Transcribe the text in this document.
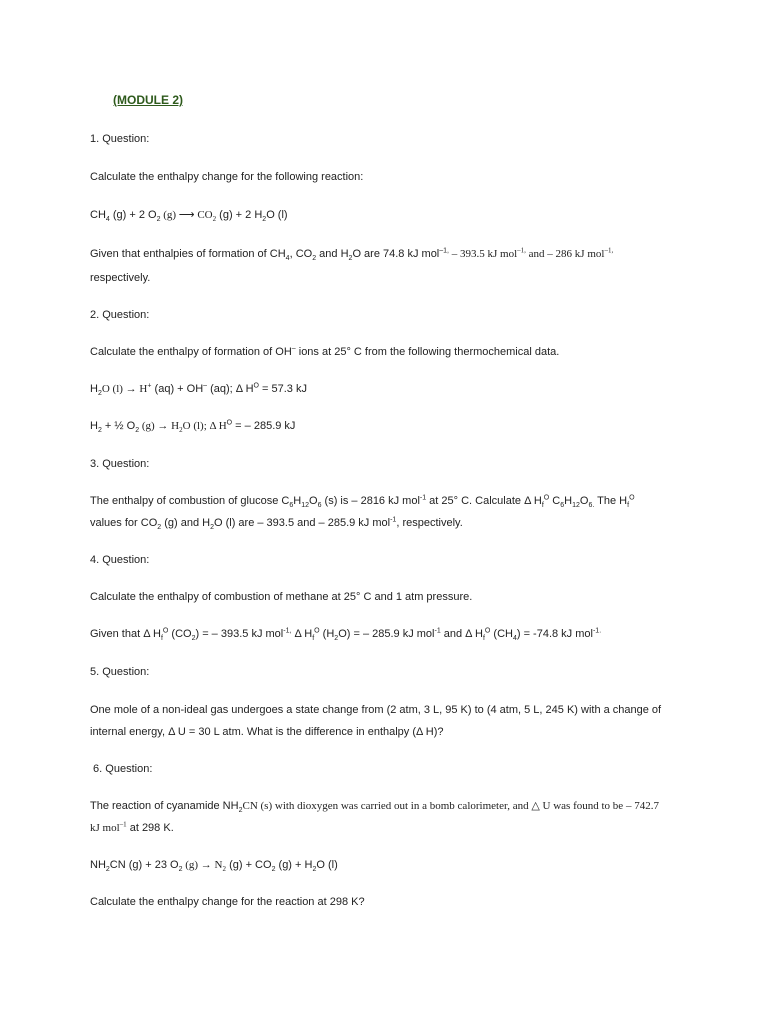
(MODULE 2)
1. Question:
Calculate the enthalpy change for the following reaction:
$CH_4$ (g) + 2 $O_2$ (g) ⟶ $CO_2$ (g) + 2 $H_2O$ (l)
Given that enthalpies of formation of $CH_4$, $CO_2$ and $H_2O$ are 74.8 kJ mol$^{-1,}$ – 393.5 kJ mol$^{-1,}$ and – 286 kJ mol$^{-1,}$
respectively.
2. Question:
Calculate the enthalpy of formation of OH– ions at 25° C from the following thermochemical data.
$H_2O$ (l) → H+ (aq) + OH– (aq); Δ $H^O = 57.3$ kJ
$H_2$ + ½ $O_2$ $(g) \to H_2O$ (l); Δ $H^O$ = – 285.9 kJ
3. Question:
The enthalpy of combustion of glucose $C_6H_{12}O_6$ (s) is – 2816 kJ mol$^{-1}$ at 25° C. Calculate Δ $H_f^O$ $C_6H_{12}O_{6.}$ The $H_f^O$
values for $CO_2$ (g) and $H_2O$ (l) are – 393.5 and – 285.9 kJ mol$^{-1}$, respectively.
4. Question:
Calculate the enthalpy of combustion of methane at 25° C and 1 atm pressure.
Given that Δ $H_f^O$ $(CO_2)$ = – 393.5 kJ mol$^{-1,}$ Δ $H_f^O$ $(H_2O)$ = – 285.9 kJ mol$^{-1}$ and Δ $H_f^O$ $(CH_4) = -74.8$ kJ mol$^{-1.}$
5. Question:
One mole of a non-ideal gas undergoes a state change from (2 atm, 3 L, 95 K) to (4 atm, 5 L, 245 K) with a change of
internal energy, Δ U = 30 L atm. What is the difference in enthalpy (Δ H)?
6. Question:
The reaction of cyanamide $NH_2CN$ (s) with dioxygen was carried out in a bomb calorimeter, and △ U was found to be – 742.7
kJ mol$^{-1}$ at 298 K.
$NH_2CN$ (g) + 23 $O_2$ $(g) \to N_2$ $(g) + CO_2$ $(g) + H_2O$ (l)
Calculate the enthalpy change for the reaction at 298 K?
